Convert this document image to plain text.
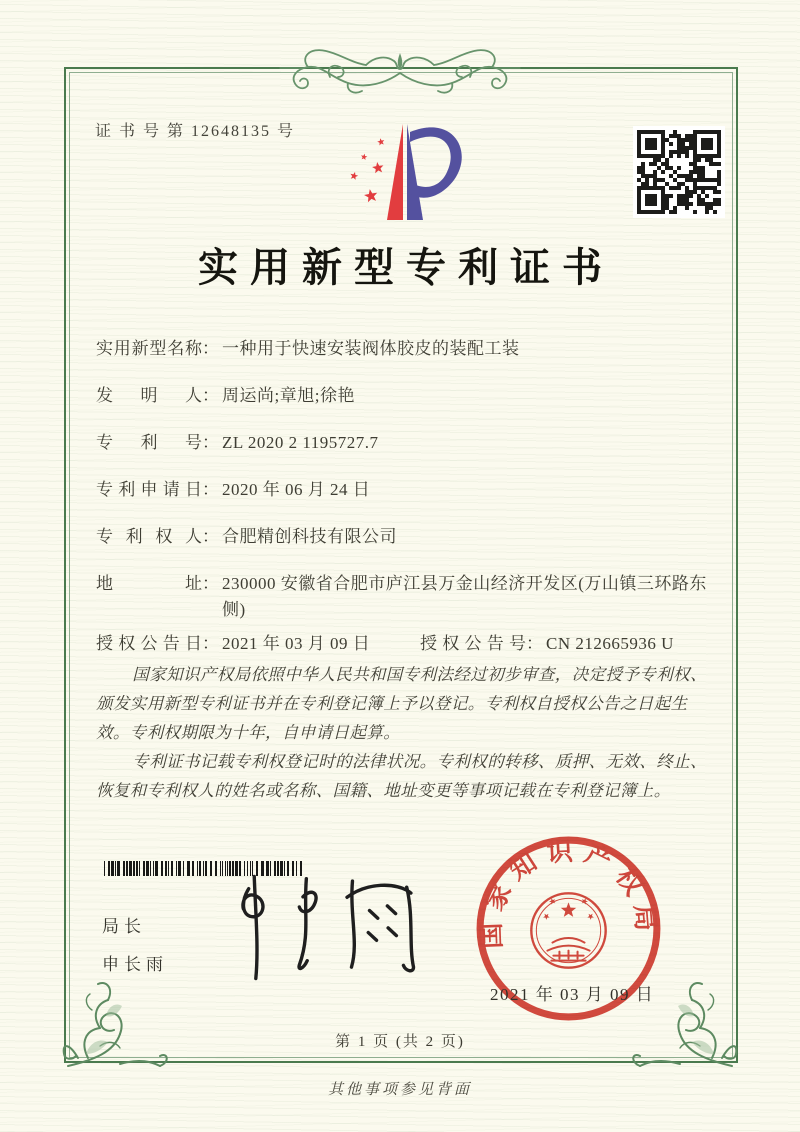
证 书 号 第 12648135 号
实用新型专利证书
实用新型名称 ： 一种用于快速安装阀体胶皮的装配工装
发明人 ： 周运尚;章旭;徐艳
专利号 ： ZL 2020 2 1195727.7
专利申请日 ： 2020 年 06 月 24 日
专利权人 ： 合肥精创科技有限公司
地址 ： 230000 安徽省合肥市庐江县万金山经济开发区(万山镇三环路东侧)
授权公告日 ： 2021 年 03 月 09 日	授权公告号 ： CN 212665936 U

国家知识产权局依照中华人民共和国专利法经过初步审查，决定授予专利权、颁发实用新型专利证书并在专利登记簿上予以登记。专利权自授权公告之日起生效。专利权期限为十年，自申请日起算。

专利证书记载专利权登记时的法律状况。专利权的转移、质押、无效、终止、恢复和专利权人的姓名或名称、国籍、地址变更等事项记载在专利登记簿上。

局长
申长雨
国家知识产权局
2021 年 03 月 09 日
第 1 页 (共 2 页)
其他事项参见背面
